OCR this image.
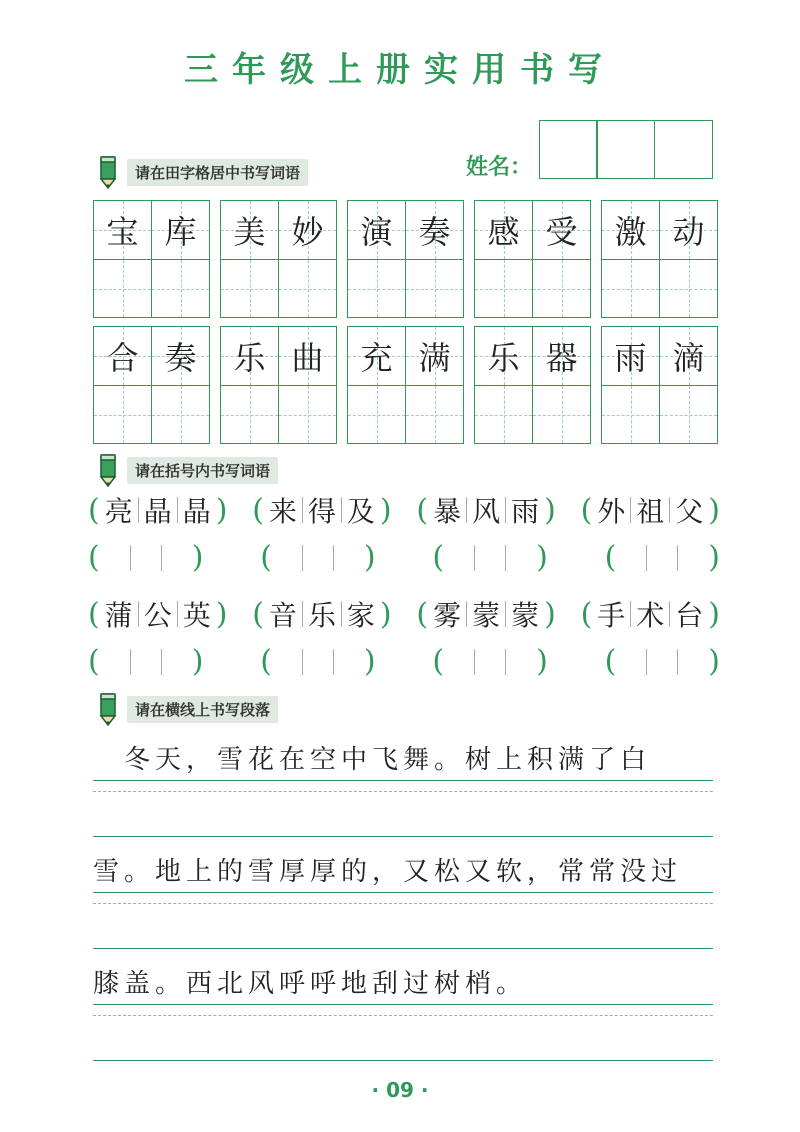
三年级上册实用书写
姓名：
请在田字格居中书写词语
宝 库 美 妙 演 奏 感 受 激 动
合 奏 乐 曲 充 满 乐 器 雨 滴
请在括号内书写词语
( 亮 晶 晶 ) ( 来 得 及 ) ( 暴 风 雨 ) ( 外 祖 父 )
(	) (	) (	) (	)
( 蒲 公 英 ) ( 音 乐 家 ) ( 雾 蒙 蒙 ) ( 手 术 台 )
(	) (	) (	) (	)
请在横线上书写段落
　冬天，雪花在空中飞舞。树上积满了白
雪。地上的雪厚厚的，又松又软，常常没过
膝盖。西北风呼呼地刮过树梢。
· 09 ·
